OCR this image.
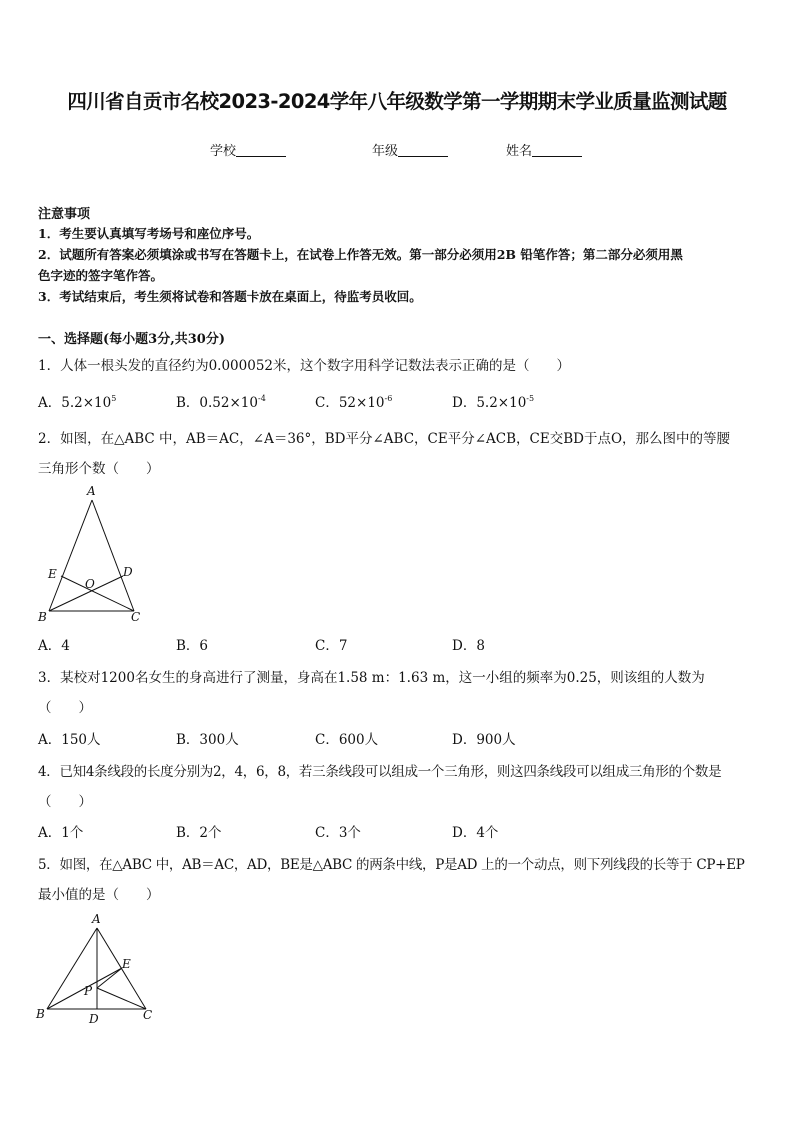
四川省自贡市名校2023-2024学年八年级数学第一学期期末学业质量监测试题
学校	年级	姓名
注意事项
1．考生要认真填写考场号和座位序号。
2．试题所有答案必须填涂或书写在答题卡上，在试卷上作答无效。第一部分必须用2B 铅笔作答；第二部分必须用黑
色字迹的签字笔作答。
3．考试结束后，考生须将试卷和答题卡放在桌面上，待监考员收回。
一、选择题(每小题3分,共30分)
1．人体一根头发的直径约为0.000052米，这个数字用科学记数法表示正确的是（　　）
A．$5.2\times 10^5$	B．$0.52\times 10^{-4}$	C．$52\times 10^{-6}$	D．$5.2\times 10^{-5}$
2．如图，在△ABC 中，AB＝AC，∠A＝36°，BD平分∠ABC，CE平分∠ACB，CE交BD于点O，那么图中的等腰
三角形个数（　　）
A
B	C
D
E
O
A．4	B．6	C．7	D．8
3．某校对1200名女生的身高进行了测量，身高在1.58 m：1.63 m，这一小组的频率为0.25，则该组的人数为
（　　）
A．150人	B．300人	C．600人	D．900人
4．已知4条线段的长度分别为2，4，6，8，若三条线段可以组成一个三角形，则这四条线段可以组成三角形的个数是
（　　）
A．1个	B．2个	C．3个	D．4个
5．如图，在△ABC 中，AB＝AC，AD，BE是△ABC 的两条中线，P是AD 上的一个动点，则下列线段的长等于 CP+EP
最小值的是（　　）
A
B	C
D
E
P
